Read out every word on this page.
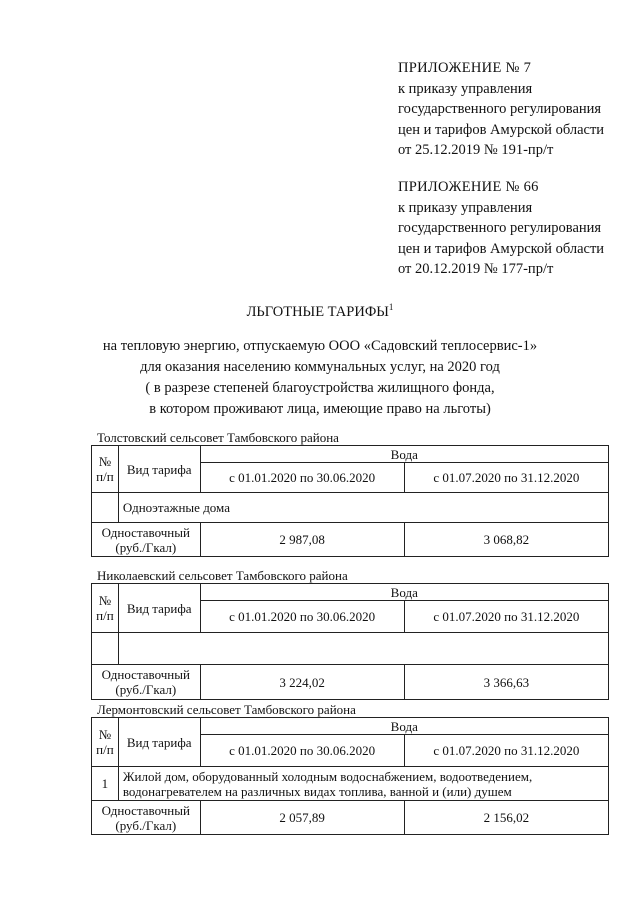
ПРИЛОЖЕНИЕ № 7
к приказу управления
государственного регулирования
цен и тарифов Амурской области
от 25.12.2019 № 191-пр/т
ПРИЛОЖЕНИЕ № 66
к приказу управления
государственного регулирования
цен и тарифов Амурской области
от 20.12.2019 № 177-пр/т
ЛЬГОТНЫЕ ТАРИФЫ$^1$
на тепловую энергию, отпускаемую ООО «Садовский теплосервис-1»
для оказания населению коммунальных услуг, на 2020 год
( в разрезе степеней благоустройства жилищного фонда,
в котором проживают лица, имеющие право на льготы)
Толстовский сельсовет Тамбовского района
№
п/п	Вид тарифа	Вода	
		с 01.01.2020 по 30.06.2020	с 01.07.2020 по 31.12.2020
	Одноэтажные дома		
Одноставочный
(руб./Гкал)		2 987,08	3 068,82
Николаевский сельсовет Тамбовского района
№
п/п	Вид тарифа	Вода	
		с 01.01.2020 по 30.06.2020	с 01.07.2020 по 31.12.2020

Одноставочный
(руб./Гкал)		3 224,02	3 366,63
Лермонтовский сельсовет Тамбовского района
№
п/п	Вид тарифа	Вода	
		с 01.01.2020 по 30.06.2020	с 01.07.2020 по 31.12.2020
1	Жилой дом, оборудованный холодным водоснабжением, водоотведением, водонагревателем на различных видах топлива, ванной и (или) душем		
Одноставочный
(руб./Гкал)		2 057,89	2 156,02
